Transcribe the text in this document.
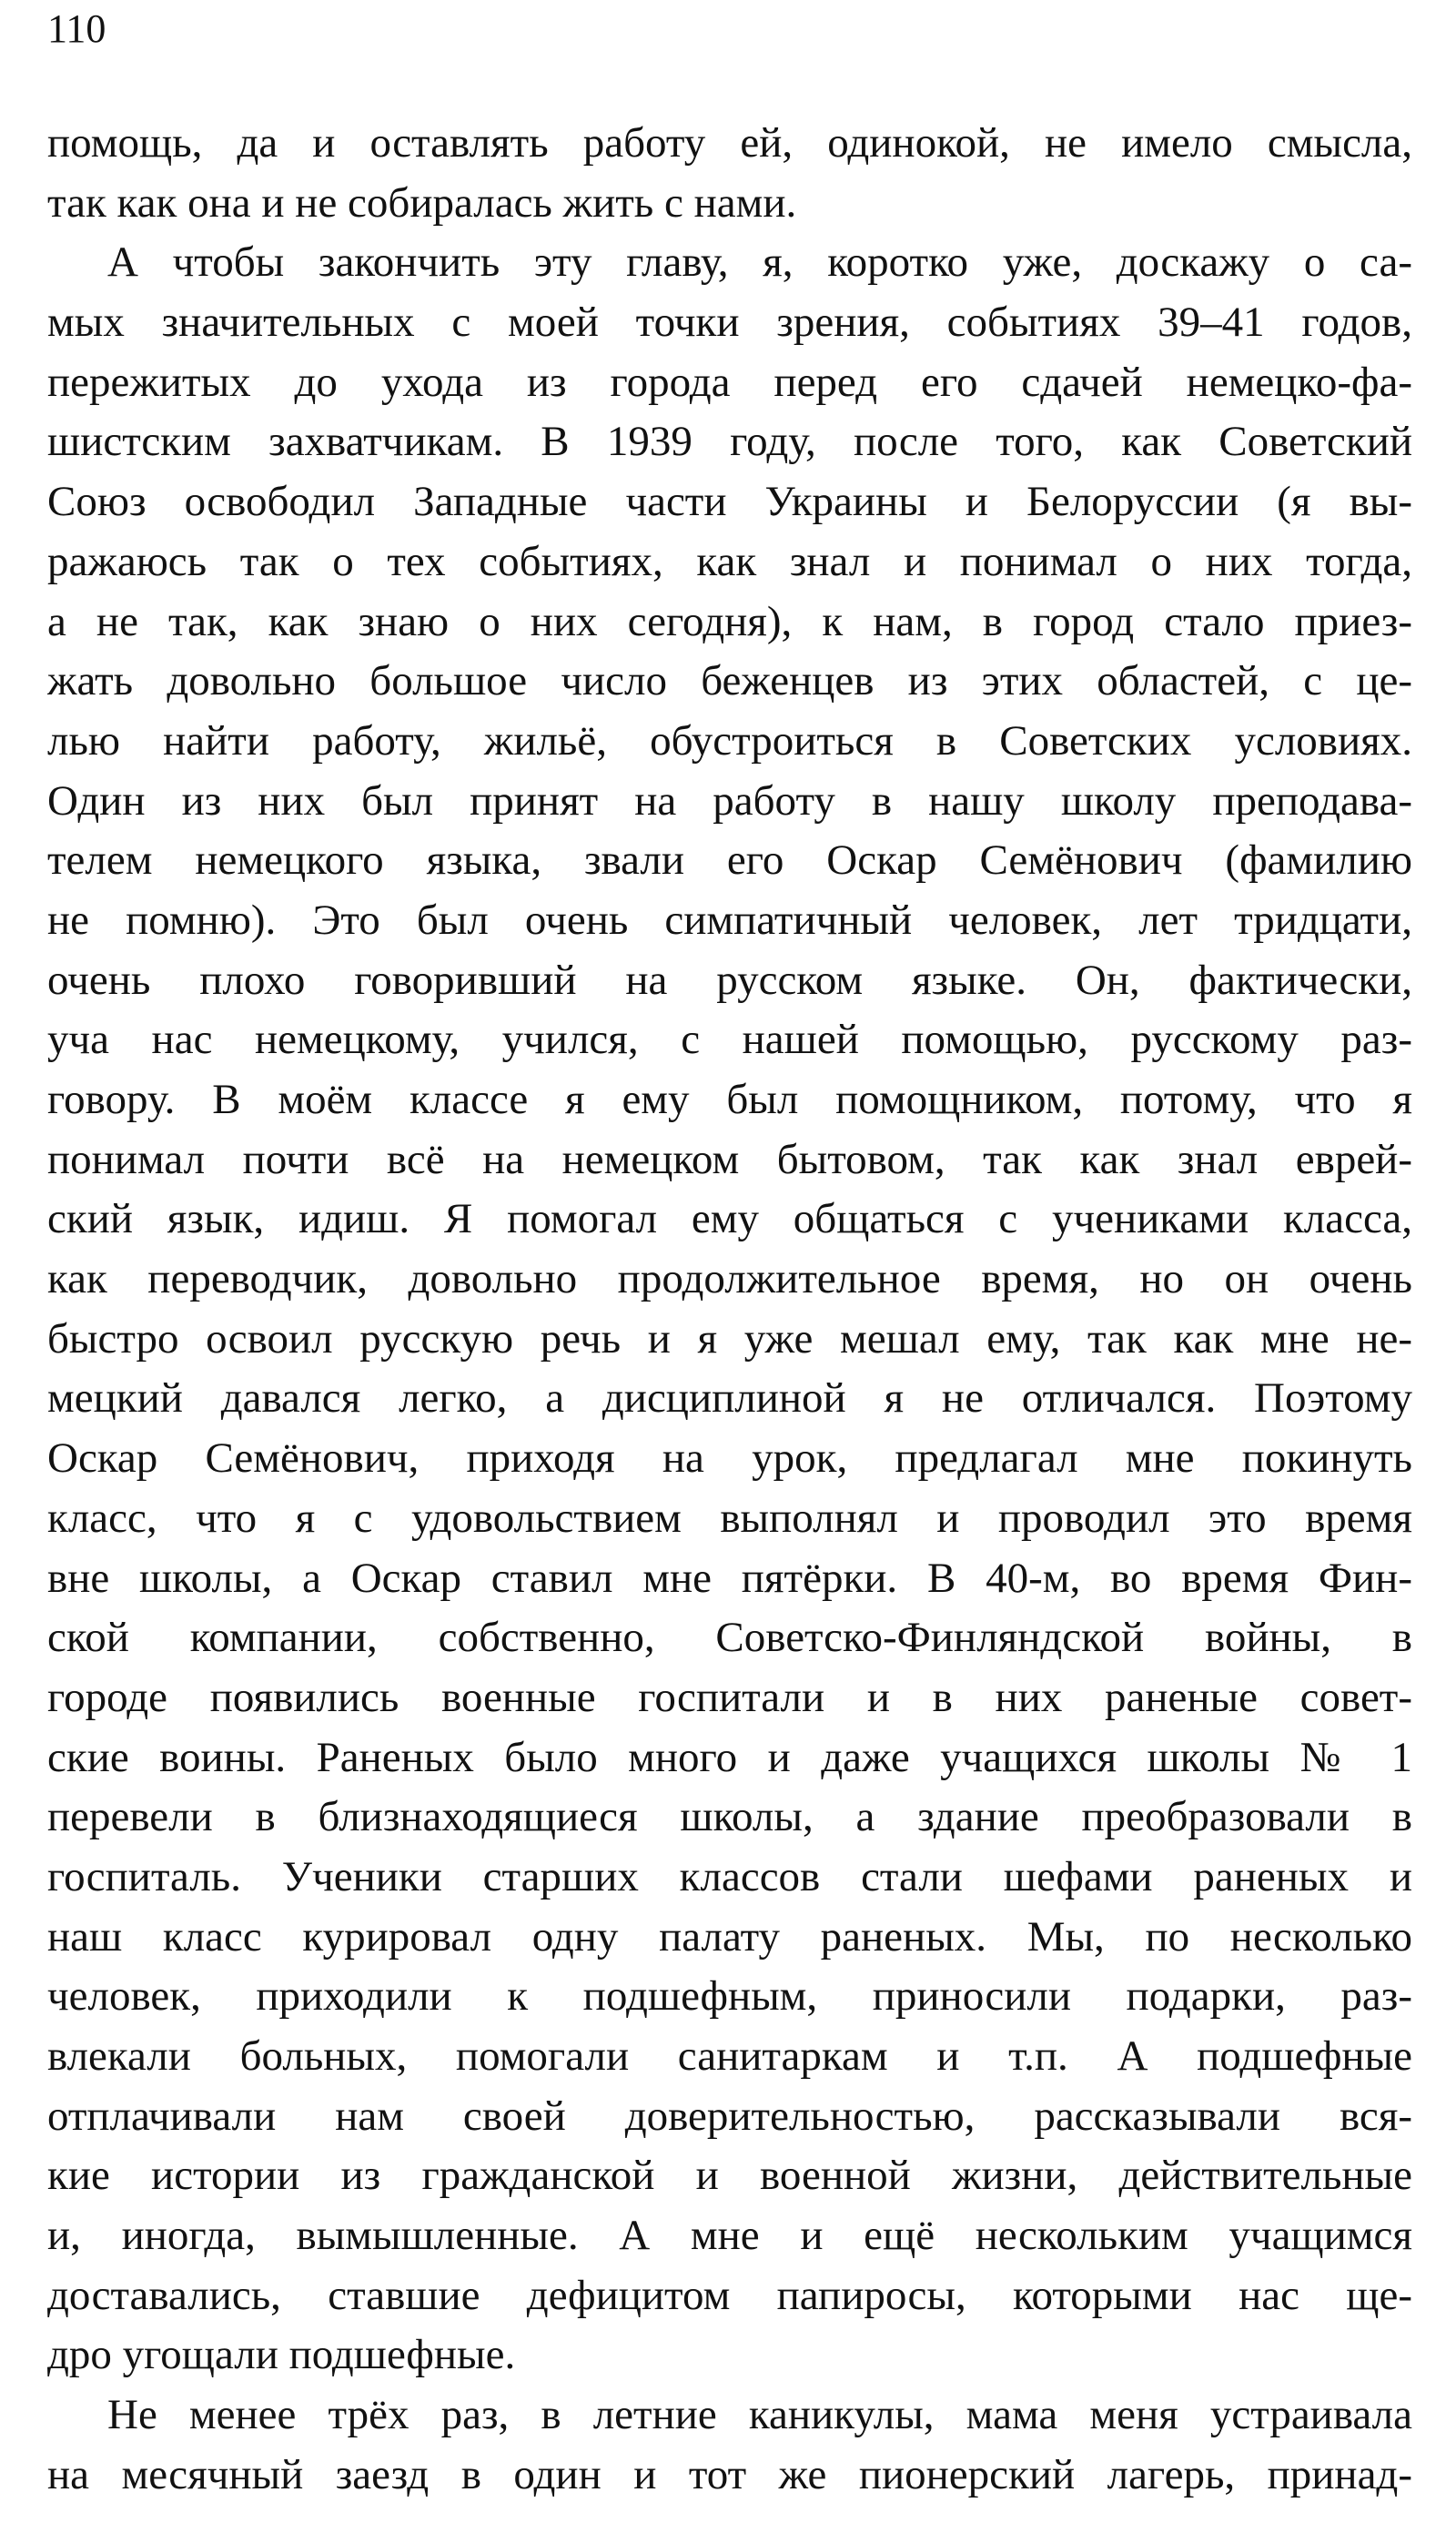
110
помощь, да и оставлять работу ей, одинокой, не имело смысла,
так как она и не собиралась жить с нами.
А чтобы закончить эту главу, я, коротко уже, доскажу о са-
мых значительных с моей точки зрения, событиях 39–41 годов,
пережитых до ухода из города перед его сдачей немецко-фа-
шистским захватчикам. В 1939 году, после того, как Советский
Союз освободил Западные части Украины и Белоруссии (я вы-
ражаюсь так о тех событиях, как знал и понимал о них тогда,
а не так, как знаю о них сегодня), к нам, в город стало приез-
жать довольно большое число беженцев из этих областей, с це-
лью найти работу, жильё, обустроиться в Советских условиях.
Один из них был принят на работу в нашу школу преподава-
телем немецкого языка, звали его Оскар Семёнович (фамилию
не помню). Это был очень симпатичный человек, лет тридцати,
очень плохо говоривший на русском языке. Он, фактически,
уча нас немецкому, учился, с нашей помощью, русскому раз-
говору. В моём классе я ему был помощником, потому, что я
понимал почти всё на немецком бытовом, так как знал еврей-
ский язык, идиш. Я помогал ему общаться с учениками класса,
как переводчик, довольно продолжительное время, но он очень
быстро освоил русскую речь и я уже мешал ему, так как мне не-
мецкий давался легко, а дисциплиной я не отличался. Поэтому
Оскар Семёнович, приходя на урок, предлагал мне покинуть
класс, что я с удовольствием выполнял и проводил это время
вне школы, а Оскар ставил мне пятёрки. В 40-м, во время Фин-
ской компании, собственно, Советско-Финляндской войны, в
городе появились военные госпитали и в них раненые совет-
ские воины. Раненых было много и даже учащихся школы № 1
перевели в близнаходящиеся школы, а здание преобразовали в
госпиталь. Ученики старших классов стали шефами раненых и
наш класс курировал одну палату раненых. Мы, по несколько
человек, приходили к подшефным, приносили подарки, раз-
влекали больных, помогали санитаркам и т.п. А подшефные
отплачивали нам своей доверительностью, рассказывали вся-
кие истории из гражданской и военной жизни, действительные
и, иногда, вымышленные. А мне и ещё нескольким учащимся
доставались, ставшие дефицитом папиросы, которыми нас ще-
дро угощали подшефные.
Не менее трёх раз, в летние каникулы, мама меня устраивала
на месячный заезд в один и тот же пионерский лагерь, принад-
